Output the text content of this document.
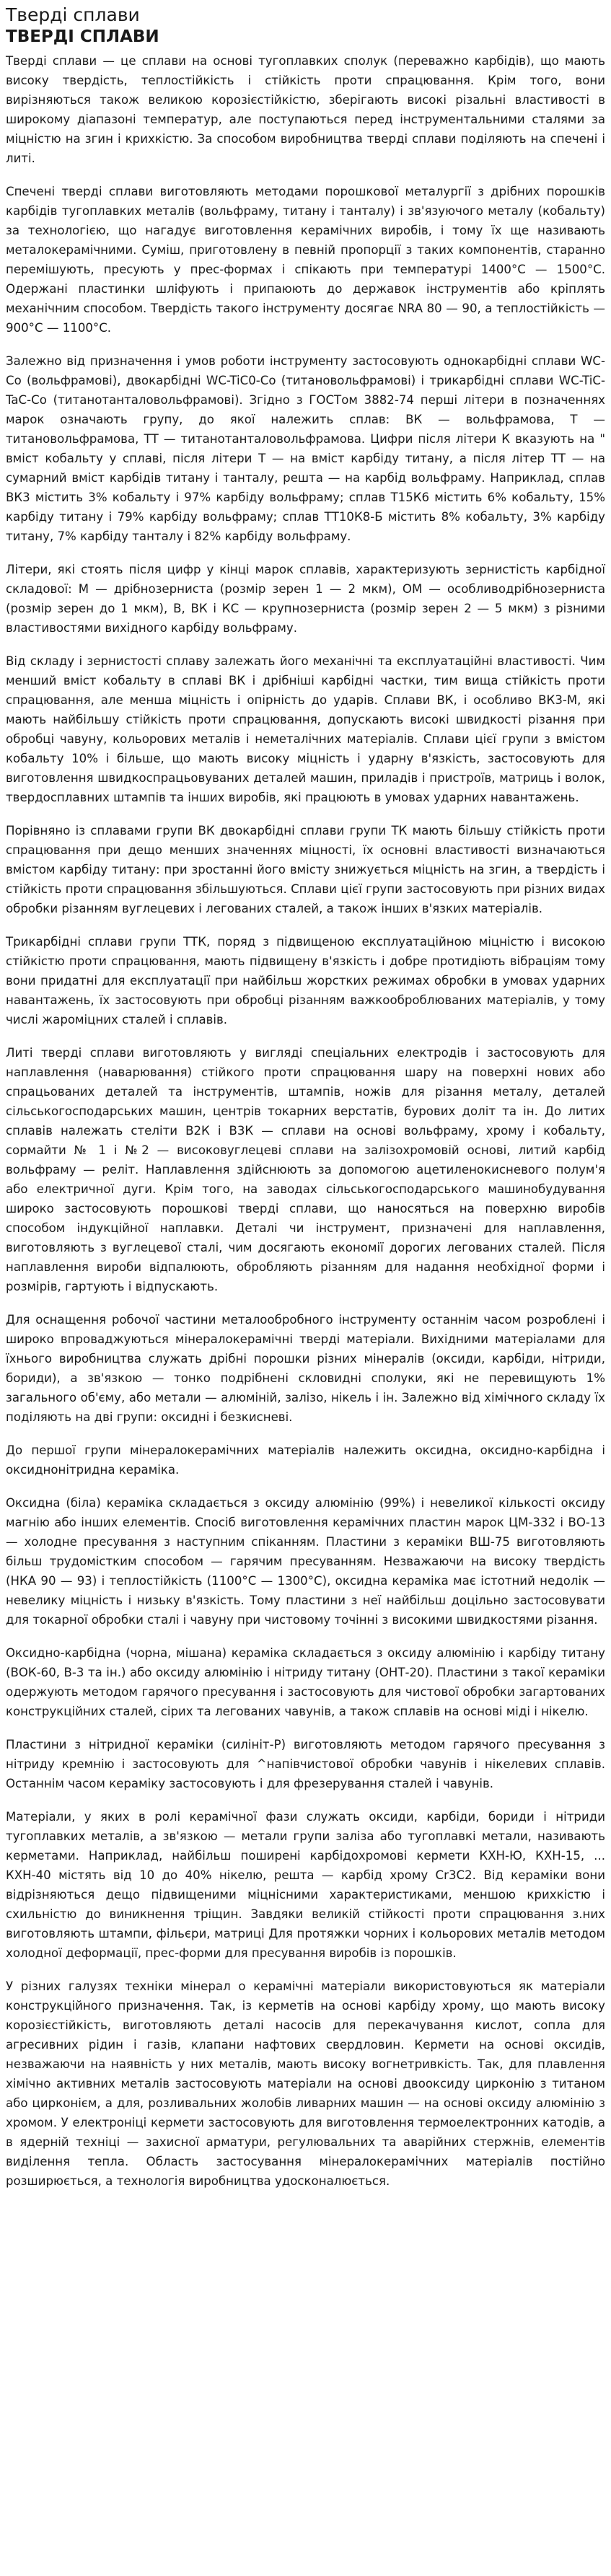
Тверді сплави
ТВЕРДІ СПЛАВИ

Тверді сплави — це сплави на основі тугоплавких сполук (переважно карбідів), що мають високу твердість, теплостійкість і стійкість проти спрацювання. Крім того, вони вирізняються також великою корозієстійкістю, зберігають високі різальні властивості в широкому діапазоні температур, але поступаються перед інструментальними сталями за міцністю на згин і крихкістю. За способом виробництва тверді сплави поділяють на спечені і литі.

Спечені тверді сплави виготовляють методами порошкової металургії з дрібних порошків карбідів тугоплавких металів (вольфраму, титану і танталу) і зв'язуючого металу (кобальту) за технологією, що нагадує виготовлення керамічних виробів, і тому їх ще називають металокерамічними. Суміш, приготовлену в певній пропорції з таких компонентів, старанно перемішують, пресують у прес-формах і спікають при температурі 1400°С — 1500°С. Одержані пластинки шліфують і припаюють до державок інструментів або кріплять механічним способом. Твердість такого інструменту досягає NRA 80 — 90, а теплостійкість — 900°С — 1100°С.

Залежно від призначення і умов роботи інструменту застосовують однокарбідні сплави WC-Co (вольфрамові), двокарбідні WC-TiC0-Co (титановольфрамові) і трикарбідні сплави WC-TiC-TaC-Co (титанотанталовольфрамові). Згідно з ГОСТом 3882-74 перші літери в позначеннях марок означають групу, до якої належить сплав: ВК — вольфрамова, Т — титановольфрамова, ТТ — титанотанталовольфрамова. Цифри після літери К вказують на " вміст кобальту у сплаві, після літери Т — на вміст карбіду титану, а після літер ТТ — на сумарний вміст карбідів титану і танталу, решта — на карбід вольфраму. Наприклад, сплав ВК3 містить 3% кобальту і 97% карбіду вольфраму; сплав Т15К6 містить 6% кобальту, 15% карбіду титану і 79% карбіду вольфраму; сплав ТТ10К8-Б містить 8% кобальту, 3% карбіду титану, 7% карбіду танталу і 82% карбіду вольфраму.

Літери, які стоять після цифр у кінці марок сплавів, характеризують зернистість карбідної складової: М — дрібнозерниста (розмір зерен 1 — 2 мкм), ОМ — особливодрібнозерниста (розмір зерен до 1 мкм), В, ВК і КС — крупнозерниста (розмір зерен 2 — 5 мкм) з різними властивостями вихідного карбіду вольфраму.

Від складу і зернистості сплаву залежать його механічні та експлуатаційні властивості. Чим менший вміст кобальту в сплаві ВК і дрібніші карбідні частки, тим вища стійкість проти спрацювання, але менша міцність і опірність до ударів. Сплави ВК, і особливо ВК3-М, які мають найбільшу стійкість проти спрацювання, допускають високі швидкості різання при обробці чавуну, кольорових металів і неметалічних матеріалів. Сплави цієї групи з вмістом кобальту 10% і більше, що мають високу міцність і ударну в'язкість, застосовують для виготовлення швидкоспрацьовуваних деталей машин, приладів і пристроїв, матриць і волок, твердосплавних штампів та інших виробів, які працюють в умовах ударних навантажень.

Порівняно із сплавами групи ВК двокарбідні сплави групи ТК мають більшу стійкість проти спрацювання при дещо менших значеннях міцності, їх основні властивості визначаються вмістом карбіду титану: при зростанні його вмісту знижується міцність на згин, а твердість і стійкість проти спрацювання збільшуються. Сплави цієї групи застосовують при різних видах обробки різанням вуглецевих і легованих сталей, а також інших в'язких матеріалів.

Трикарбідні сплави групи ТТК, поряд з підвищеною експлуатаційною міцністю і високою стійкістю проти спрацювання, мають підвищену в'язкість і добре протидіють вібраціям тому вони придатні для експлуатації при найбільш жорстких режимах обробки в умовах ударних навантажень, їх застосовують при обробці різанням важкооброблюваних матеріалів, у тому числі жароміцних сталей і сплавів.

Литі тверді сплави виготовляють у вигляді спеціальних електродів і застосовують для наплавлення (наварювання) стійкого проти спрацювання шару на поверхні нових або спрацьованих деталей та інструментів, штампів, ножів для різання металу, деталей сільськогосподарських машин, центрів токарних верстатів, бурових доліт та ін. До литих сплавів належать стеліти В2К і В3К — сплави на основі вольфраму, хрому і кобальту, сормайти № 1 і №2 — високовуглецеві сплави на залізохромовій основі, литий карбід вольфраму — реліт. Наплавлення здійснюють за допомогою ацетиленокисневого полум'я або електричної дуги. Крім того, на заводах сільськогосподарського машинобудування широко застосовують порошкові тверді сплави, що наносяться на поверхню виробів способом індукційної наплавки. Деталі чи інструмент, призначені для наплавлення, виготовляють з вуглецевої сталі, чим досягають економії дорогих легованих сталей. Після наплавлення вироби відпалюють, обробляють різанням для надання необхідної форми і розмірів, гартують і відпускають.

Для оснащення робочої частини металообробного інструменту останнім часом розроблені і широко впроваджуються мінералокерамічні тверді матеріали. Вихідними матеріалами для їхнього виробництва служать дрібні порошки різних мінералів (оксиди, карбіди, нітриди, бориди), а зв'язкою — тонко подрібнені скловидні сполуки, які не перевищують 1% загального об'єму, або метали — алюміній, залізо, нікель і ін. Залежно від хімічного складу їх поділяють на дві групи: оксидні і безкисневі.

До першої групи мінералокерамічних матеріалів належить оксидна, оксидно-карбідна і оксиднонітридна кераміка.

Оксидна (біла) кераміка складається з оксиду алюмінію (99%) і невеликої кількості оксиду магнію або інших елементів. Спосіб виготовлення керамічних пластин марок ЦМ-332 і ВО-13 — холодне пресування з наступним спіканням. Пластини з кераміки ВШ-75 виготовляють більш трудомістким способом — гарячим пресуванням. Незважаючи на високу твердість (НКА 90 — 93) і теплостійкість (1100°С — 1300°С), оксидна кераміка має істотний недолік — невелику міцність і низьку в'язкість. Тому пластини з неї найбільш доцільно застосовувати для токарної обробки сталі і чавуну при чистовому точінні з високими швидкостями різання.

Оксидно-карбідна (чорна, мішана) кераміка складається з оксиду алюмінію і карбіду титану (ВОК-60, В-3 та ін.) або оксиду алюмінію і нітриду титану (ОНТ-20). Пластини з такої кераміки одержують методом гарячого пресування і застосовують для чистової обробки загартованих конструкційних сталей, сірих та легованих чавунів, а також сплавів на основі міді і нікелю.

Пластини з нітридної кераміки (силініт-Р) виготовляють методом гарячого пресування з нітриду кремнію і застосовують для ^напівчистової обробки чавунів і нікелевих сплавів. Останнім часом кераміку застосовують і для фрезерування сталей і чавунів.

Матеріали, у яких в ролі керамічної фази служать оксиди, карбіди, бориди і нітриди тугоплавких металів, а зв'язкою — метали групи заліза або тугоплавкі метали, називають керметами. Наприклад, найбільш поширені карбідохромові кермети КХН-Ю, КХН-15, ... КХН-40 містять від 10 до 40% нікелю, решта — карбід хрому Cr3C2. Від кераміки вони відрізняються дещо підвищеними міцнісними характеристиками, меншою крихкістю і схильністю до виникнення тріщин. Завдяки великій стійкості проти спрацювання з.них виготовляють штампи, фільєри, матриці Для протяжки чорних і кольорових металів методом холодної деформації, прес-форми для пресування виробів із порошків.

У різних галузях техніки мінерал о керамічні матеріали використовуються як матеріали конструкційного призначення. Так, із керметів на основі карбіду хрому, що мають високу корозієстійкість, виготовляють деталі насосів для перекачування кислот, сопла для агресивних рідин і газів, клапани нафтових свердловин. Кермети на основі оксидів, незважаючи на наявність у них металів, мають високу вогнетривкість. Так, для плавлення хімічно активних металів застосовують матеріали на основі двооксиду цирконію з титаном або цирконієм, а для, розливальних жолобів ливарних машин — на основі оксиду алюмінію з хромом. У електроніці кермети застосовують для виготовлення термоелектронних катодів, а в ядерній техніці — захисної арматури, регулювальних та аварійних стержнів, елементів виділення тепла. Область застосування мінералокерамічних матеріалів постійно розширюється, а технологія виробництва удосконалюється.
